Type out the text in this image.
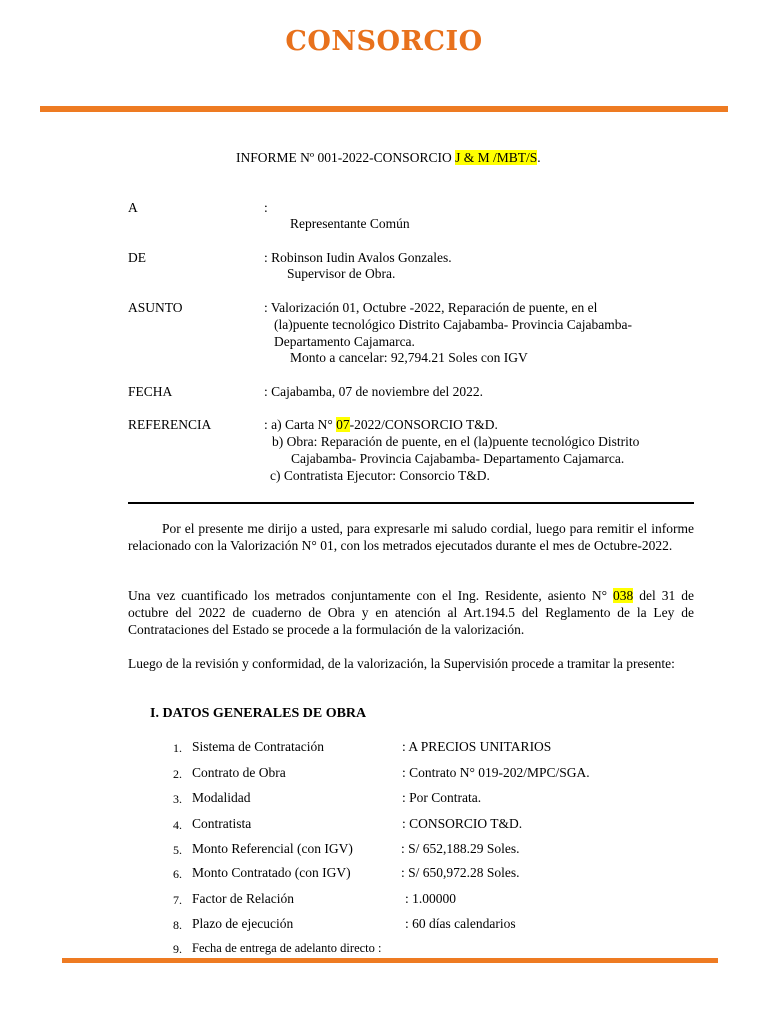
CONSORCIO
INFORME Nº 001-2022-CONSORCIO J & M /MBT/S.
A	:
Representante Común
DE	: Robinson Iudin Avalos Gonzales.
Supervisor de Obra.
ASUNTO	: Valorización 01, Octubre -2022, Reparación de puente, en el
(la)puente tecnológico Distrito Cajabamba- Provincia Cajabamba-
Departamento Cajamarca.
Monto a cancelar: 92,794.21 Soles con IGV
FECHA	: Cajabamba, 07 de noviembre del 2022.
REFERENCIA	: a) Carta N° 07-2022/CONSORCIO T&D.
b) Obra: Reparación de puente, en el (la)puente tecnológico Distrito
Cajabamba- Provincia Cajabamba- Departamento Cajamarca.
c) Contratista Ejecutor: Consorcio T&D.
Por el presente me dirijo a usted, para expresarle mi saludo cordial, luego para remitir el informe relacionado con la Valorización N° 01, con los metrados ejecutados durante el mes de Octubre-2022.
Una vez cuantificado los metrados conjuntamente con el Ing. Residente, asiento N° 038 del 31 de octubre del 2022 de cuaderno de Obra y en atención al Art.194.5 del Reglamento de la Ley de Contrataciones del Estado se procede a la formulación de la valorización.
Luego de la revisión y conformidad, de la valorización, la Supervisión procede a tramitar la presente:
I. DATOS GENERALES DE OBRA
1. Sistema de Contratación	: A PRECIOS UNITARIOS
2. Contrato de Obra	: Contrato N° 019-202/MPC/SGA.
3. Modalidad	: Por Contrata.
4. Contratista	: CONSORCIO T&D.
5. Monto Referencial (con IGV)	: S/ 652,188.29 Soles.
6. Monto Contratado (con IGV)	: S/ 650,972.28 Soles.
7. Factor de Relación	: 1.00000
8. Plazo de ejecución	: 60 días calendarios
9. Fecha de entrega de adelanto directo :
